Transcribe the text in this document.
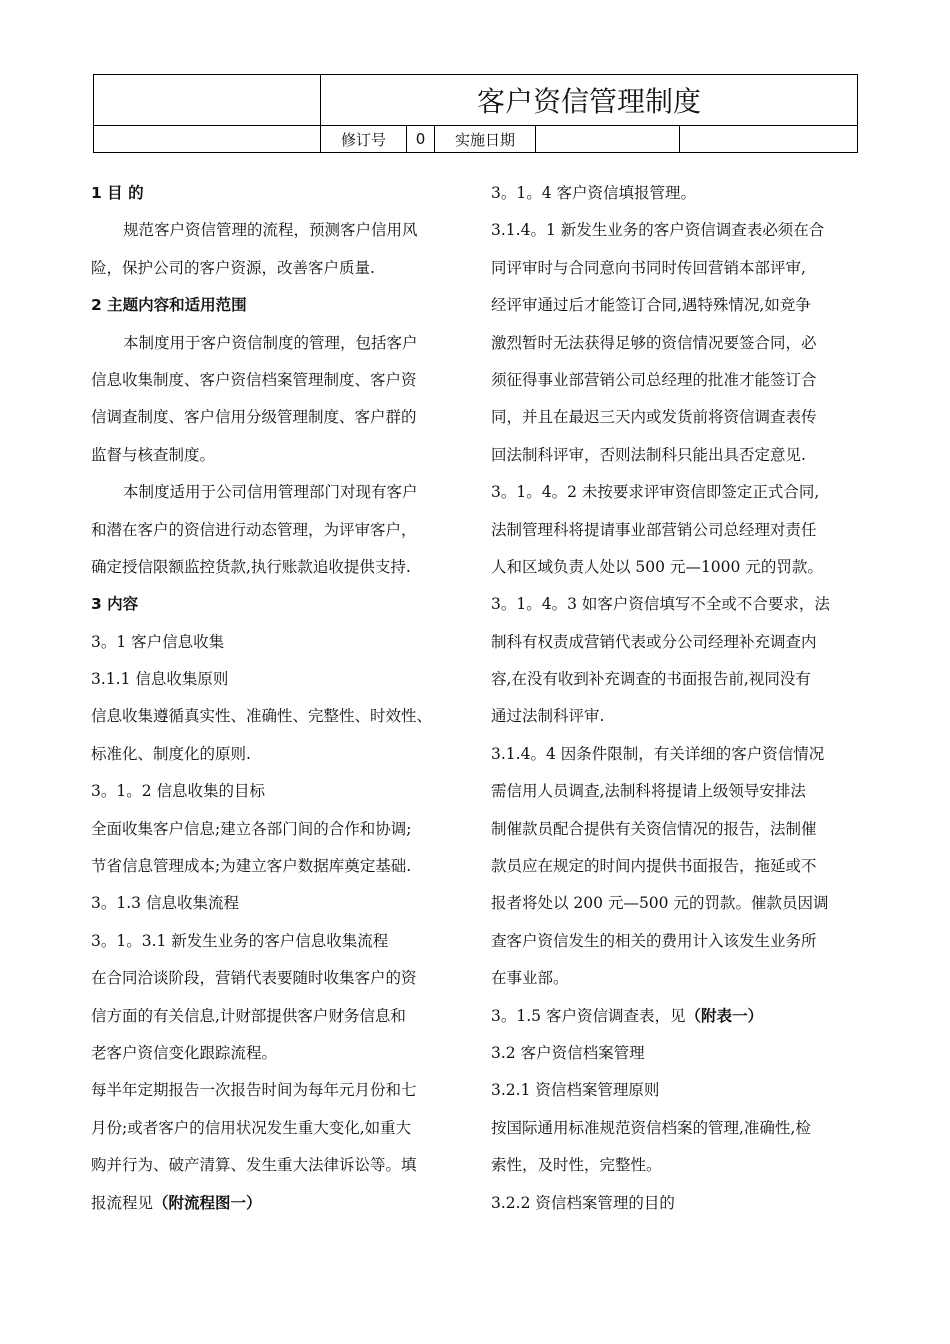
	客户资信管理制度				
	修订号	0	实施日期		
1 目 的
规范客户资信管理的流程，预测客户信用风
险，保护公司的客户资源，改善客户质量.
2 主题内容和适用范围
本制度用于客户资信制度的管理，包括客户
信息收集制度、客户资信档案管理制度、客户资
信调查制度、客户信用分级管理制度、客户群的
监督与核查制度。
本制度适用于公司信用管理部门对现有客户
和潜在客户的资信进行动态管理，为评审客户，
确定授信限额监控货款,执行账款追收提供支持.
3 内容
3。1 客户信息收集
3.1.1 信息收集原则
信息收集遵循真实性、准确性、完整性、时效性、
标准化、制度化的原则.
3。1。2 信息收集的目标
全面收集客户信息;建立各部门间的合作和协调;
节省信息管理成本;为建立客户数据库奠定基础.
3。1.3 信息收集流程
3。1。3.1 新发生业务的客户信息收集流程
在合同洽谈阶段，营销代表要随时收集客户的资
信方面的有关信息,计财部提供客户财务信息和
老客户资信变化跟踪流程。
每半年定期报告一次报告时间为每年元月份和七
月份;或者客户的信用状况发生重大变化,如重大
购并行为、破产清算、发生重大法律诉讼等。填
报流程见（附流程图一）
3。1。4 客户资信填报管理。
3.1.4。1 新发生业务的客户资信调查表必须在合
同评审时与合同意向书同时传回营销本部评审,
经评审通过后才能签订合同,遇特殊情况,如竞争
激烈暂时无法获得足够的资信情况要签合同，必
须征得事业部营销公司总经理的批准才能签订合
同，并且在最迟三天内或发货前将资信调查表传
回法制科评审，否则法制科只能出具否定意见.
3。1。4。2 未按要求评审资信即签定正式合同,
法制管理科将提请事业部营销公司总经理对责任
人和区域负责人处以 500 元—1000 元的罚款。
3。1。4。3 如客户资信填写不全或不合要求，法
制科有权责成营销代表或分公司经理补充调查内
容,在没有收到补充调查的书面报告前,视同没有
通过法制科评审.
3.1.4。4 因条件限制，有关详细的客户资信情况
需信用人员调查,法制科将提请上级领导安排法
制催款员配合提供有关资信情况的报告，法制催
款员应在规定的时间内提供书面报告，拖延或不
报者将处以 200 元—500 元的罚款。催款员因调
查客户资信发生的相关的费用计入该发生业务所
在事业部。
3。1.5 客户资信调查表，见（附表一）
3.2 客户资信档案管理
3.2.1 资信档案管理原则
按国际通用标准规范资信档案的管理,准确性,检
索性，及时性，完整性。
3.2.2 资信档案管理的目的
